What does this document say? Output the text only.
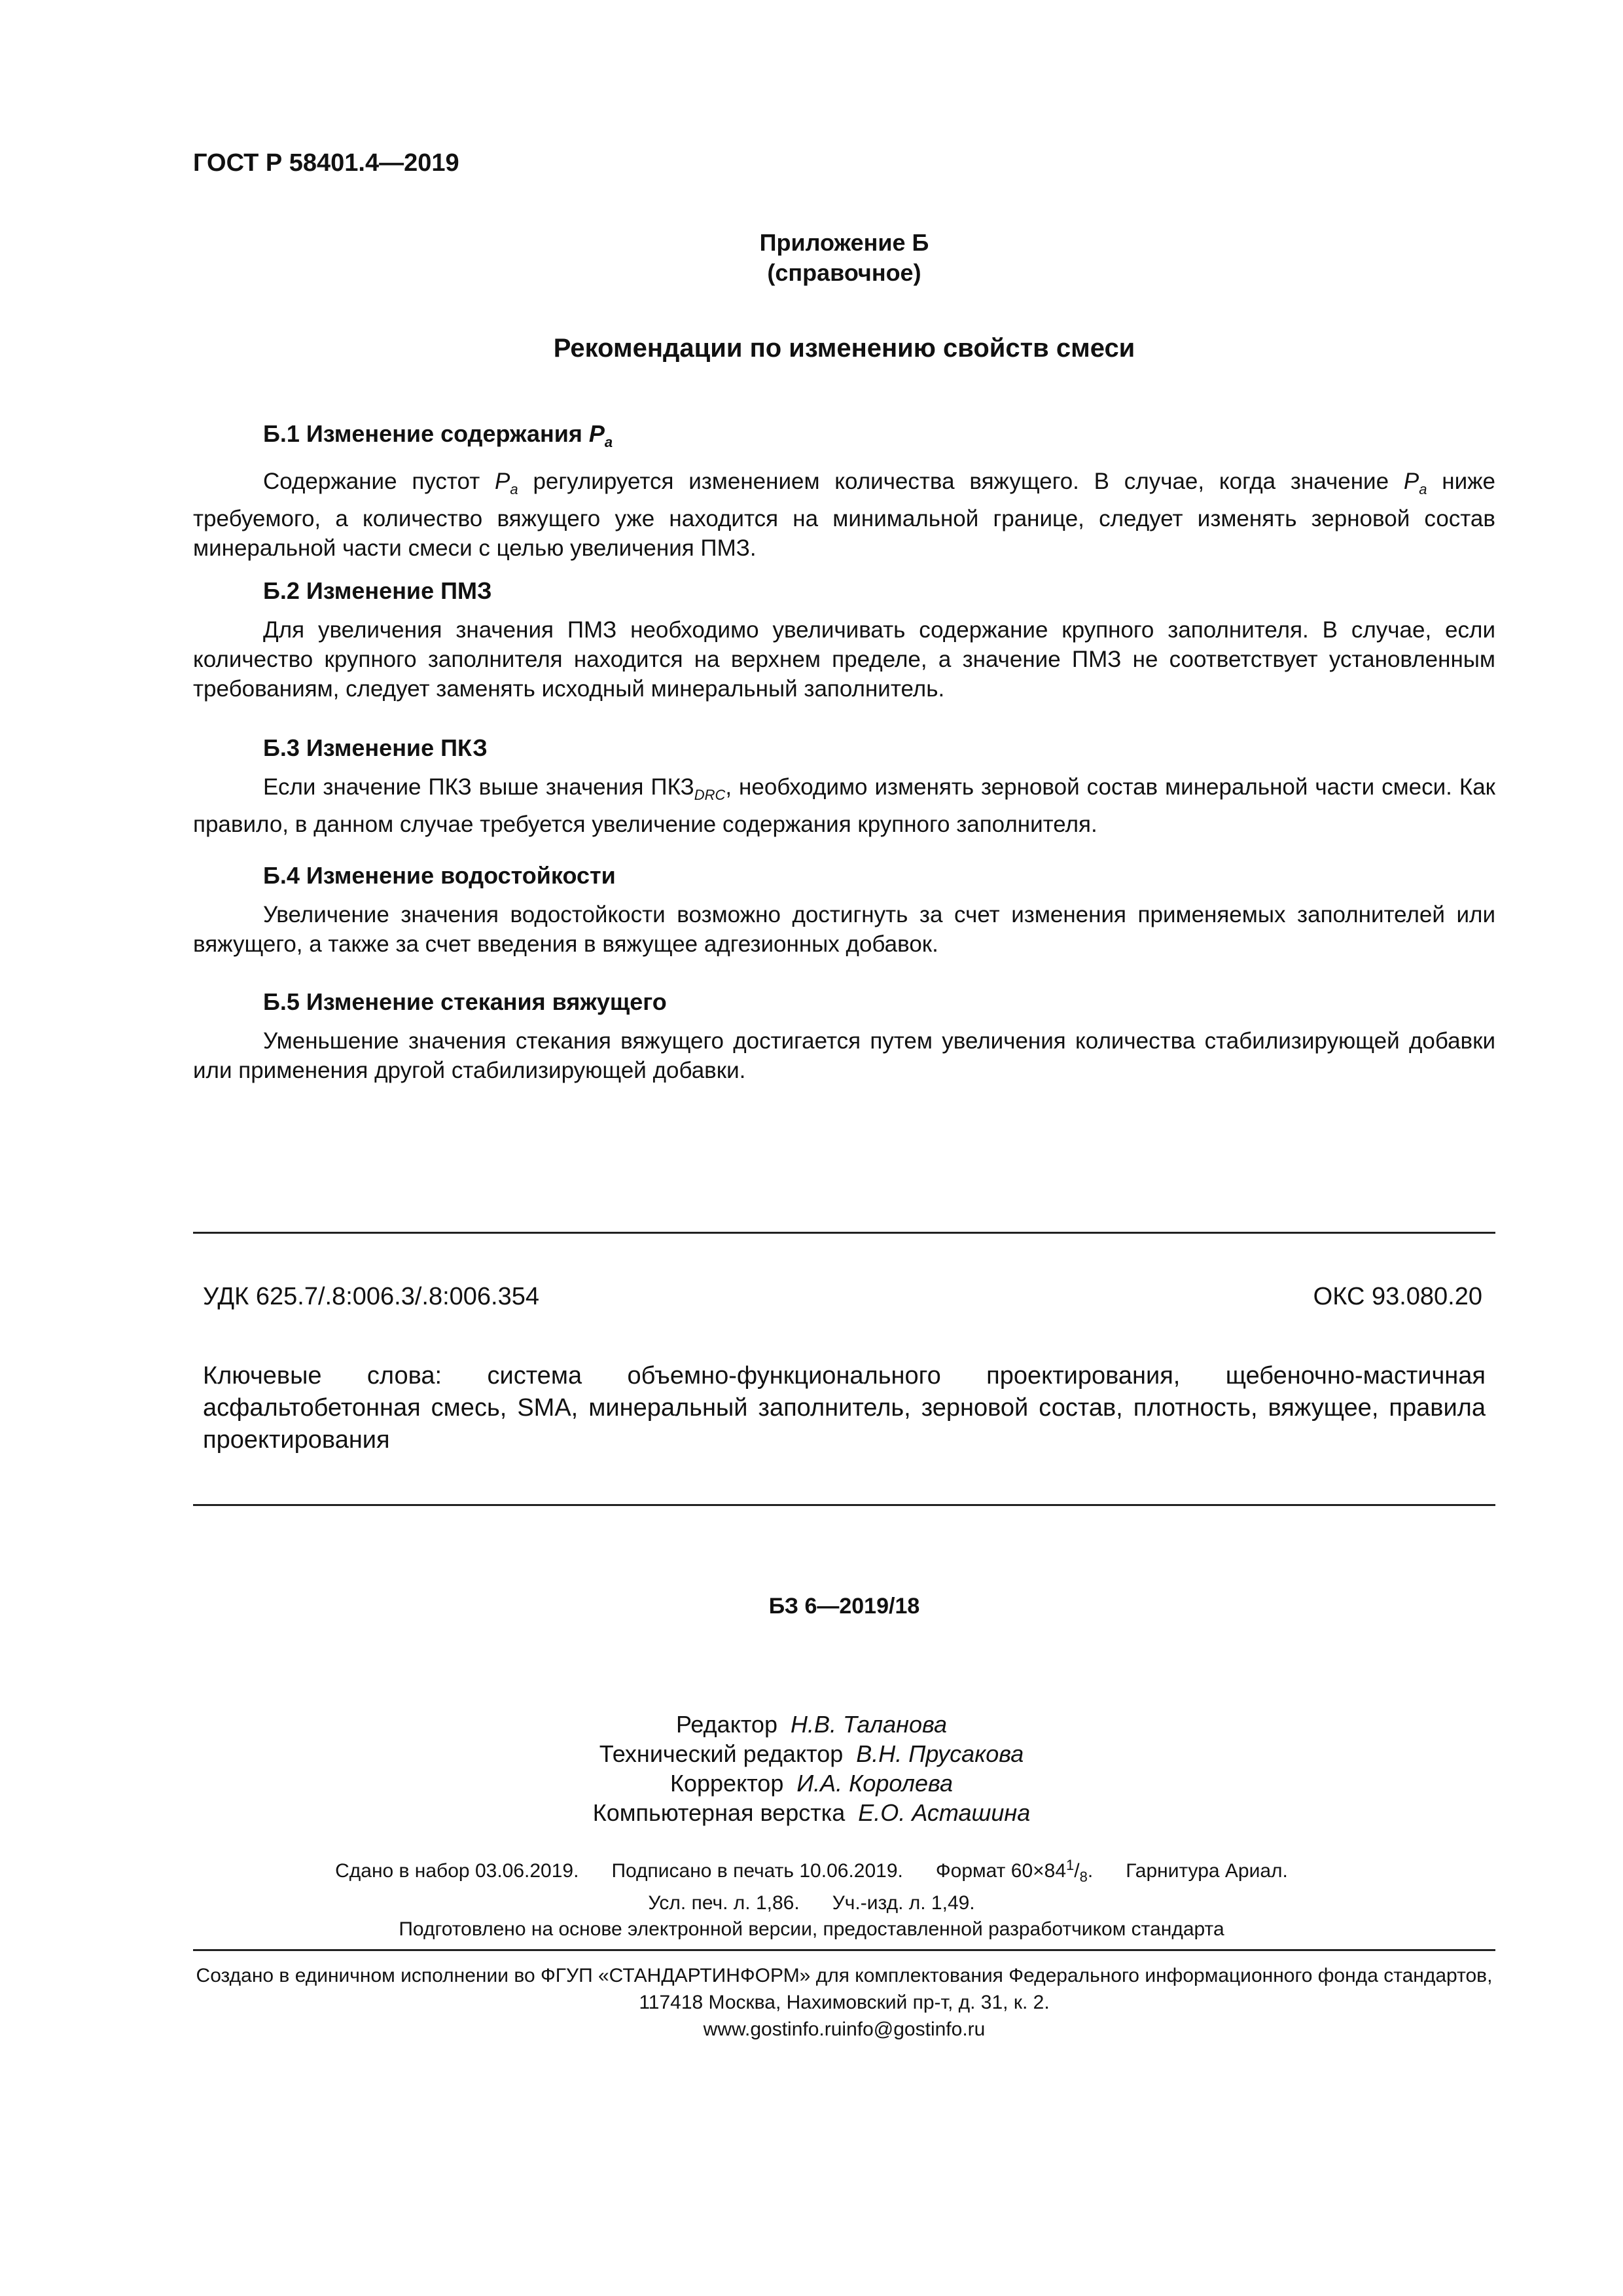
ГОСТ Р 58401.4—2019
Приложение Б
(справочное)
Рекомендации по изменению свойств смеси
Б.1 Изменение содержания $P_a$

Содержание пустот $P_a$ регулируется изменением количества вяжущего. В случае, когда значение $P_a$ ниже требуемого, а количество вяжущего уже находится на минимальной границе, следует изменять зерновой состав минеральной части смеси с целью увеличения ПМЗ.

Б.2 Изменение ПМЗ

Для увеличения значения ПМЗ необходимо увеличивать содержание крупного заполнителя. В случае, если количество крупного заполнителя находится на верхнем пределе, а значение ПМЗ не соответствует установленным требованиям, следует заменять исходный минеральный заполнитель.

Б.3 Изменение ПКЗ

Если значение ПКЗ выше значения $ПКЗ_{DRC}$, необходимо изменять зерновой состав минеральной части смеси. Как правило, в данном случае требуется увеличение содержания крупного заполнителя.

Б.4 Изменение водостойкости

Увеличение значения водостойкости возможно достигнуть за счет изменения применяемых заполнителей или вяжущего, а также за счет введения в вяжущее адгезионных добавок.

Б.5 Изменение стекания вяжущего

Уменьшение значения стекания вяжущего достигается путем увеличения количества стабилизирующей добавки или применения другой стабилизирующей добавки.

УДК 625.7/.8:006.3/.8:006.354	ОКС 93.080.20

Ключевые слова: система объемно-функционального проектирования, щебеночно-мастичная асфальтобетонная смесь, SMA, минеральный заполнитель, зерновой состав, плотность, вяжущее, правила проектирования

БЗ 6—2019/18
Редактор Н.В. Таланова
Технический редактор В.Н. Прусакова
Корректор И.А. Королева
Компьютерная верстка Е.О. Асташина
Сдано в набор 03.06.2019. Подписано в печать 10.06.2019. Формат $60\times 84^1/_8$. Гарнитура Ариал.
Усл. печ. л. 1,86. Уч.-изд. л. 1,49.
Подготовлено на основе электронной версии, предоставленной разработчиком стандарта
Создано в единичном исполнении во ФГУП «СТАНДАРТИНФОРМ» для комплектования Федерального информационного фонда стандартов, 117418 Москва, Нахимовский пр-т, д. 31, к. 2.
www.gostinfo.ruinfo@gostinfo.ru
